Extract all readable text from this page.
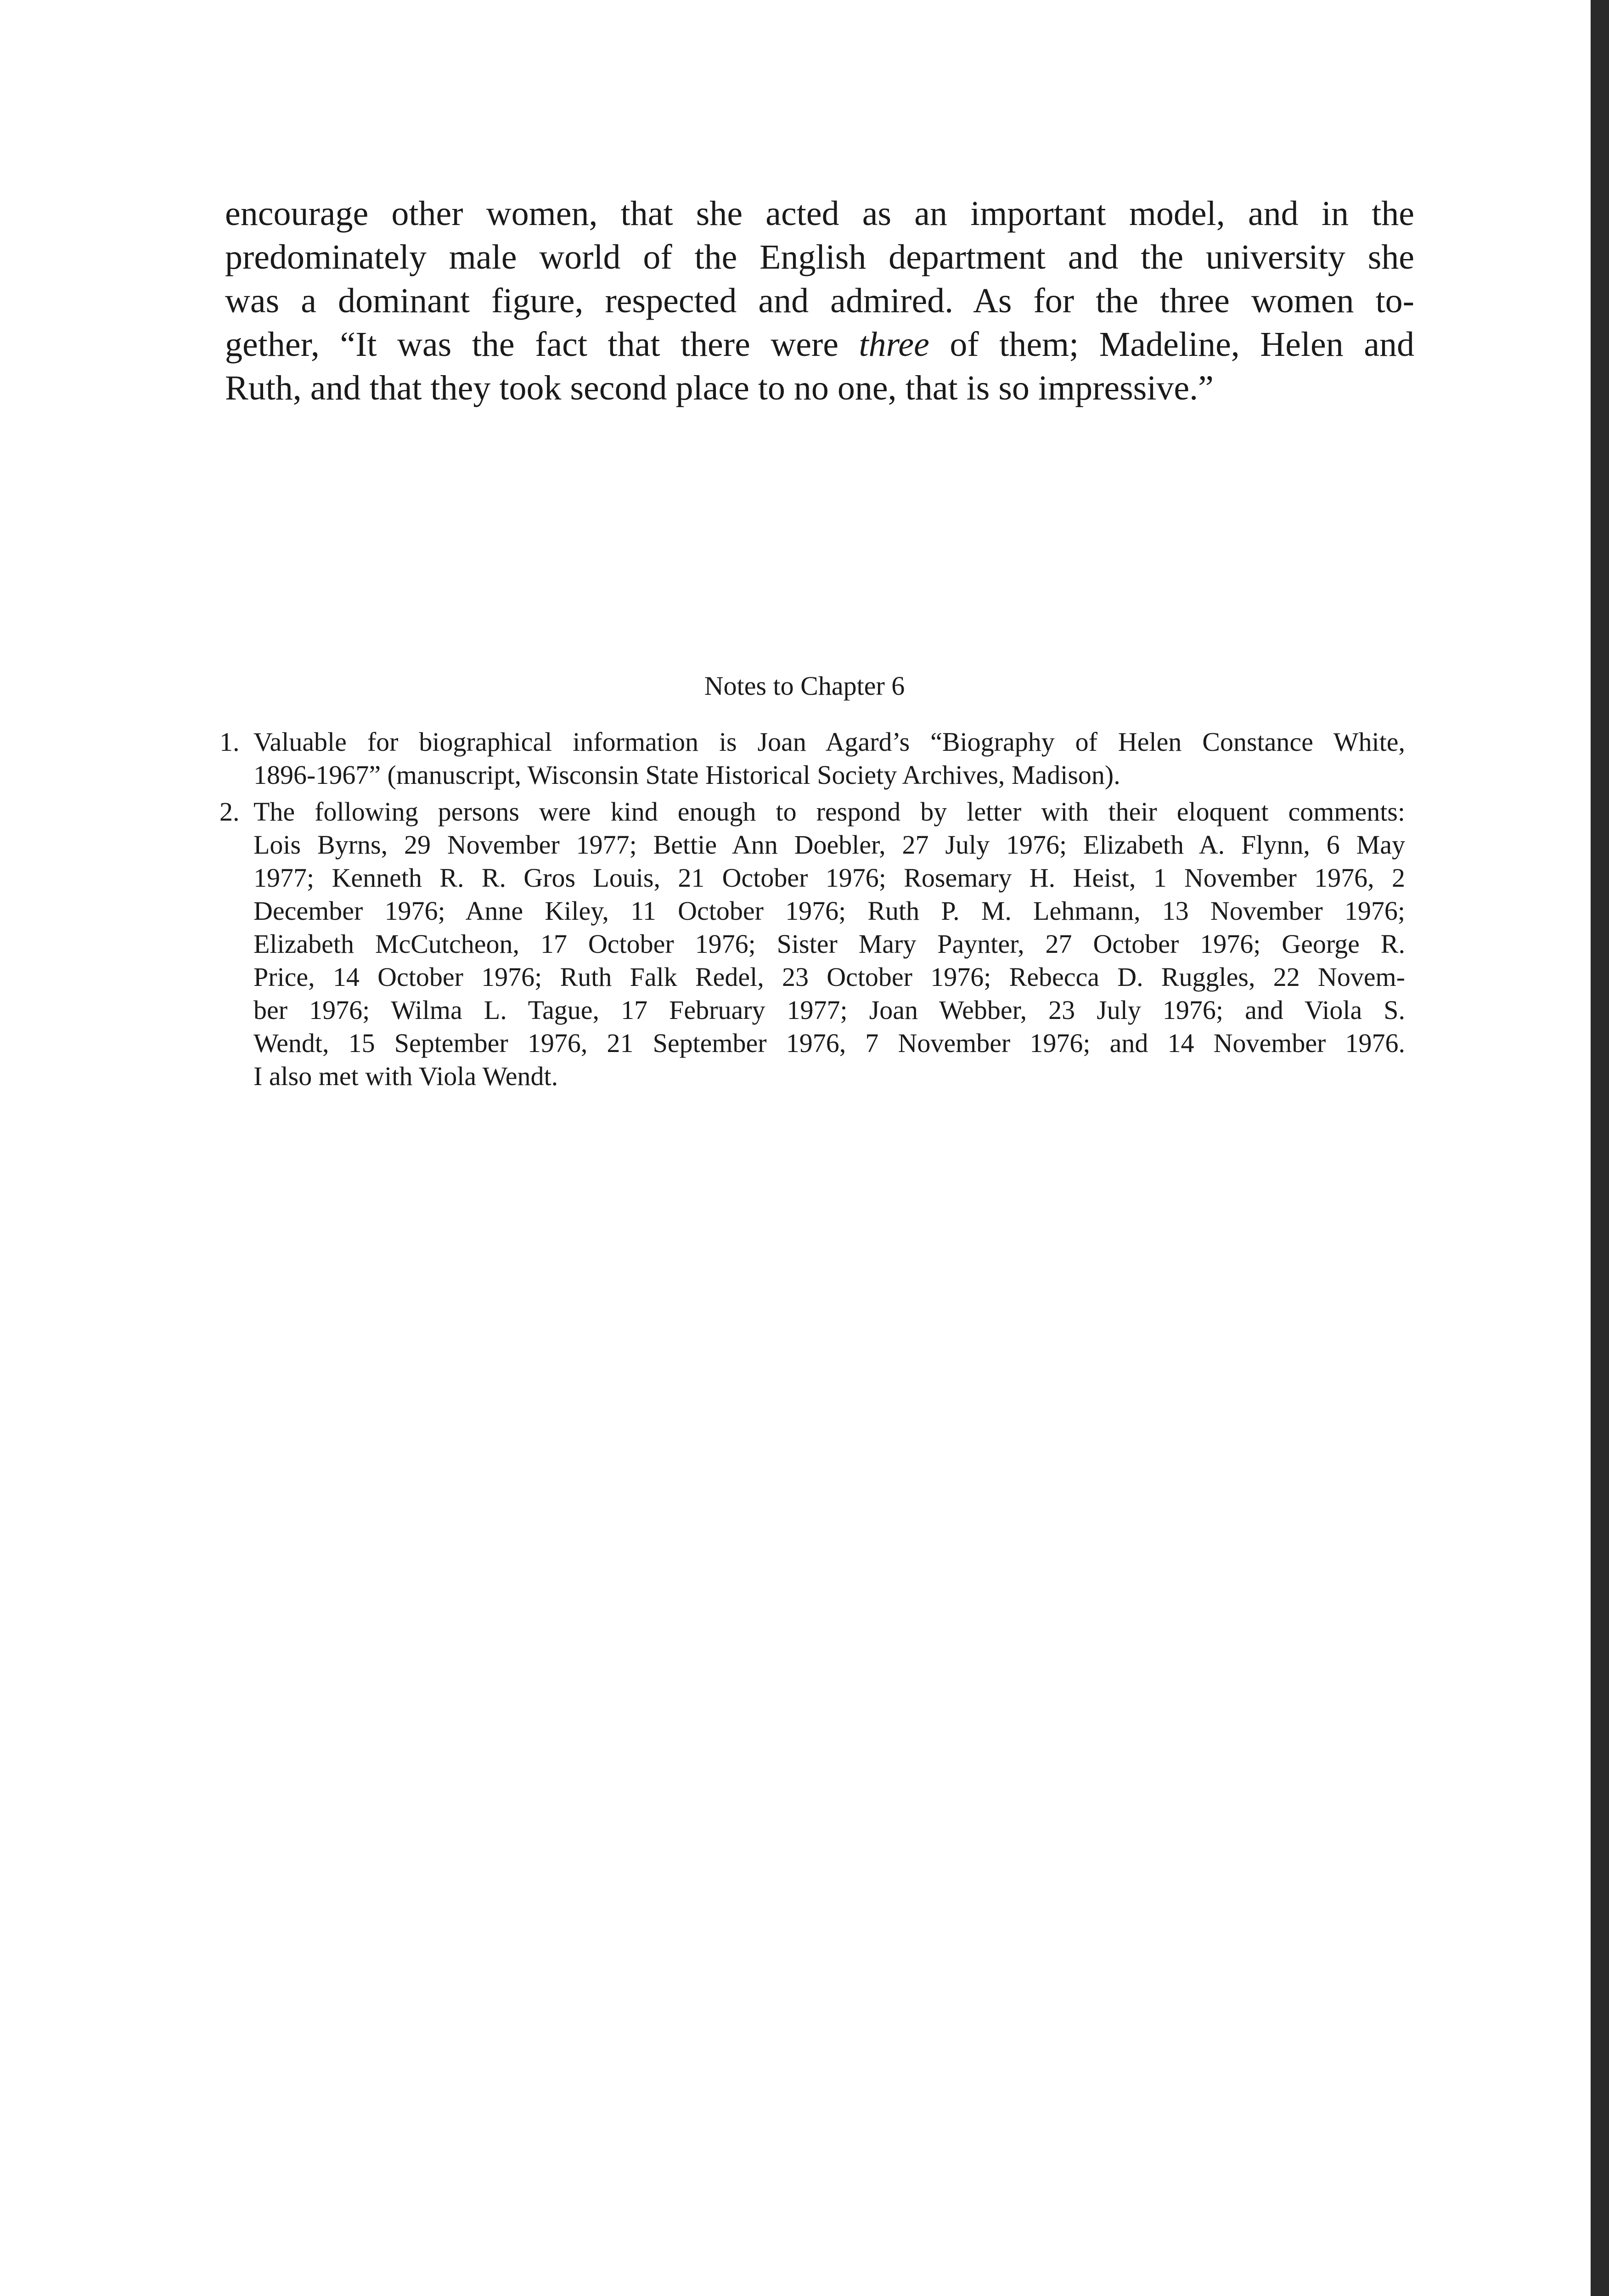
encourage other women, that she acted as an important model, and in the
predominately male world of the English department and the university she
was a dominant figure, respected and admired. As for the three women to-
gether, “It was the fact that there were three of them; Madeline, Helen and
Ruth, and that they took second place to no one, that is so impressive.”
Notes to Chapter 6
1. Valuable for biographical information is Joan Agard’s “Biography of Helen Constance White,
1896-1967” (manuscript, Wisconsin State Historical Society Archives, Madison).
2. The following persons were kind enough to respond by letter with their eloquent comments:
Lois Byrns, 29 November 1977; Bettie Ann Doebler, 27 July 1976; Elizabeth A. Flynn, 6 May
1977; Kenneth R. R. Gros Louis, 21 October 1976; Rosemary H. Heist, 1 November 1976, 2
December 1976; Anne Kiley, 11 October 1976; Ruth P. M. Lehmann, 13 November 1976;
Elizabeth McCutcheon, 17 October 1976; Sister Mary Paynter, 27 October 1976; George R.
Price, 14 October 1976; Ruth Falk Redel, 23 October 1976; Rebecca D. Ruggles, 22 Novem-
ber 1976; Wilma L. Tague, 17 February 1977; Joan Webber, 23 July 1976; and Viola S.
Wendt, 15 September 1976, 21 September 1976, 7 November 1976; and 14 November 1976.
I also met with Viola Wendt.
